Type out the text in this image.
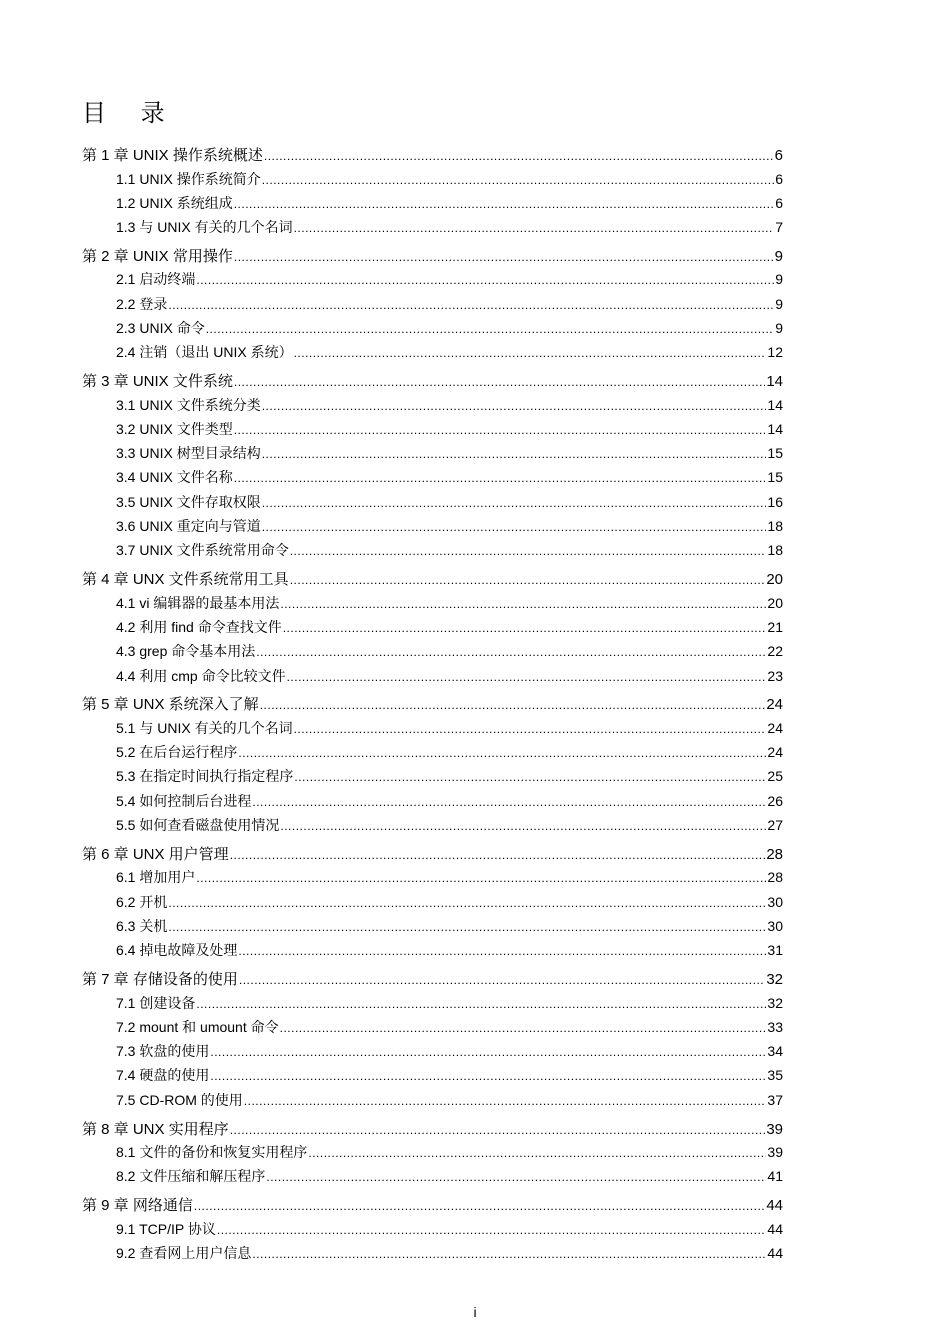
目 录
第 1 章 UNIX 操作系统概述 .....	6
1.1 UNIX 操作系统简介 .....	6
1.2 UNIX 系统组成 .....	6
1.3 与 UNIX 有关的几个名词 .....	7
第 2 章 UNIX 常用操作 .....	9
2.1 启动终端 .....	9
2.2 登录 .....	9
2.3 UNIX 命令 .....	9
2.4 注销（退出 UNIX 系统） .....	12
第 3 章 UNIX 文件系统 .....	14
3.1 UNIX 文件系统分类 .....	14
3.2 UNIX 文件类型 .....	14
3.3 UNIX 树型目录结构 .....	15
3.4 UNIX 文件名称 .....	15
3.5 UNIX 文件存取权限 .....	16
3.6 UNIX 重定向与管道 .....	18
3.7 UNIX 文件系统常用命令 .....	18
第 4 章 UNX 文件系统常用工具 .....	20
4.1 vi 编辑器的最基本用法 .....	20
4.2 利用 find 命令查找文件 .....	21
4.3 grep 命令基本用法 .....	22
4.4 利用 cmp 命令比较文件 .....	23
第 5 章 UNX 系统深入了解 .....	24
5.1 与 UNIX 有关的几个名词 .....	24
5.2 在后台运行程序 .....	24
5.3 在指定时间执行指定程序 .....	25
5.4 如何控制后台进程 .....	26
5.5 如何查看磁盘使用情况 .....	27
第 6 章 UNX 用户管理 .....	28
6.1 增加用户 .....	28
6.2 开机 .....	30
6.3 关机 .....	30
6.4 掉电故障及处理 .....	31
第 7 章 存储设备的使用 .....	32
7.1 创建设备 .....	32
7.2 mount 和 umount 命令 .....	33
7.3 软盘的使用 .....	34
7.4 硬盘的使用 .....	35
7.5 CD-ROM 的使用 .....	37
第 8 章 UNX 实用程序 .....	39
8.1 文件的备份和恢复实用程序 .....	39
8.2 文件压缩和解压程序 .....	41
第 9 章 网络通信 .....	44
9.1 TCP/IP 协议 .....	44
9.2 查看网上用户信息 .....	44
i
